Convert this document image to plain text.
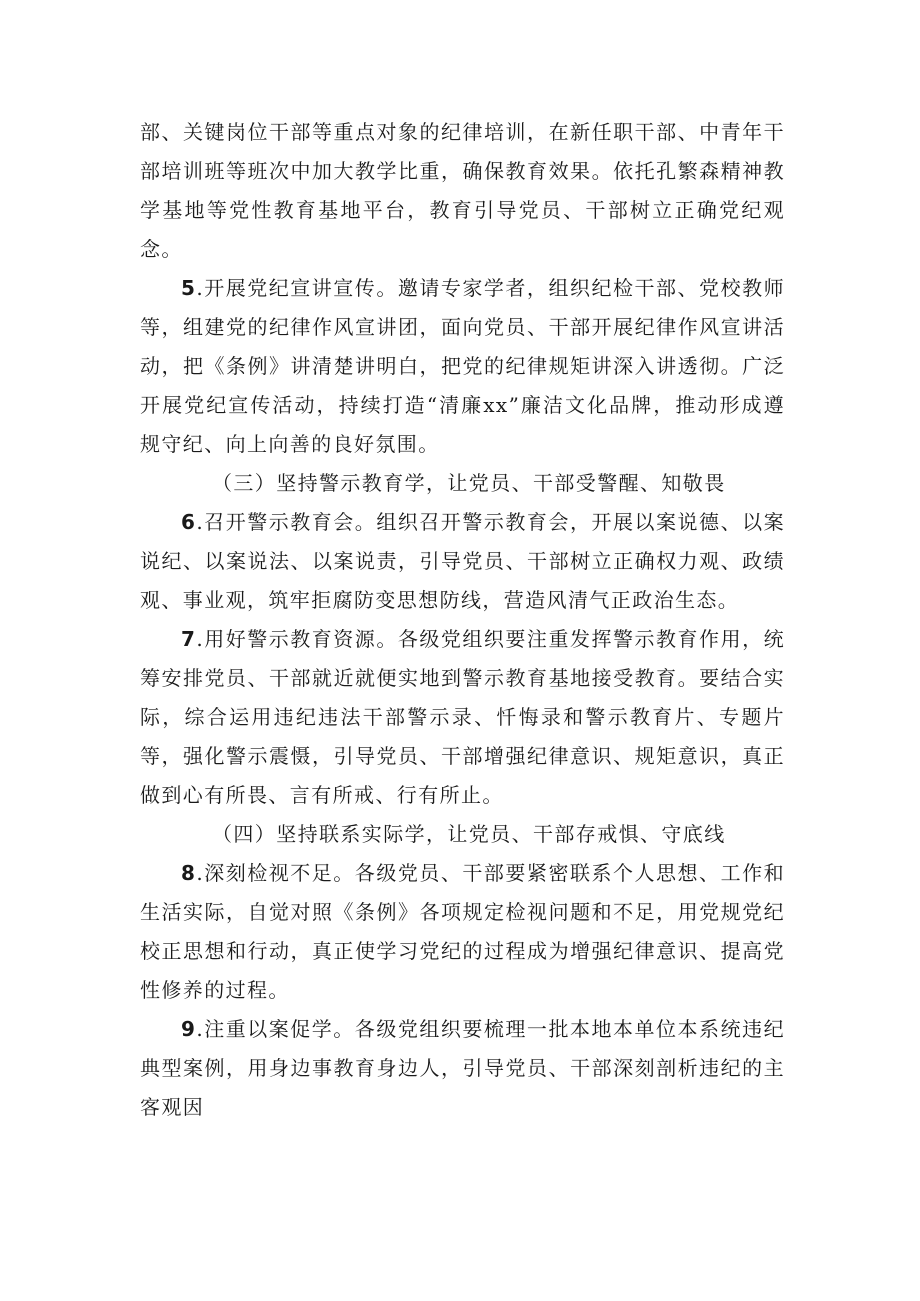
部、关键岗位干部等重点对象的纪律培训，在新任职干部、中青年干部培训班等班次中加大教学比重，确保教育效果。依托孔繁森精神教学基地等党性教育基地平台，教育引导党员、干部树立正确党纪观念。

5.开展党纪宣讲宣传。邀请专家学者，组织纪检干部、党校教师等，组建党的纪律作风宣讲团，面向党员、干部开展纪律作风宣讲活动，把《条例》讲清楚讲明白，把党的纪律规矩讲深入讲透彻。广泛开展党纪宣传活动，持续打造“清廉xx”廉洁文化品牌，推动形成遵规守纪、向上向善的良好氛围。

（三）坚持警示教育学，让党员、干部受警醒、知敬畏

6.召开警示教育会。组织召开警示教育会，开展以案说德、以案说纪、以案说法、以案说责，引导党员、干部树立正确权力观、政绩观、事业观，筑牢拒腐防变思想防线，营造风清气正政治生态。

7.用好警示教育资源。各级党组织要注重发挥警示教育作用，统筹安排党员、干部就近就便实地到警示教育基地接受教育。要结合实际，综合运用违纪违法干部警示录、忏悔录和警示教育片、专题片等，强化警示震慑，引导党员、干部增强纪律意识、规矩意识，真正做到心有所畏、言有所戒、行有所止。

（四）坚持联系实际学，让党员、干部存戒惧、守底线

8.深刻检视不足。各级党员、干部要紧密联系个人思想、工作和生活实际，自觉对照《条例》各项规定检视问题和不足，用党规党纪校正思想和行动，真正使学习党纪的过程成为增强纪律意识、提高党性修养的过程。

9.注重以案促学。各级党组织要梳理一批本地本单位本系统违纪典型案例，用身边事教育身边人，引导党员、干部深刻剖析违纪的主客观因
